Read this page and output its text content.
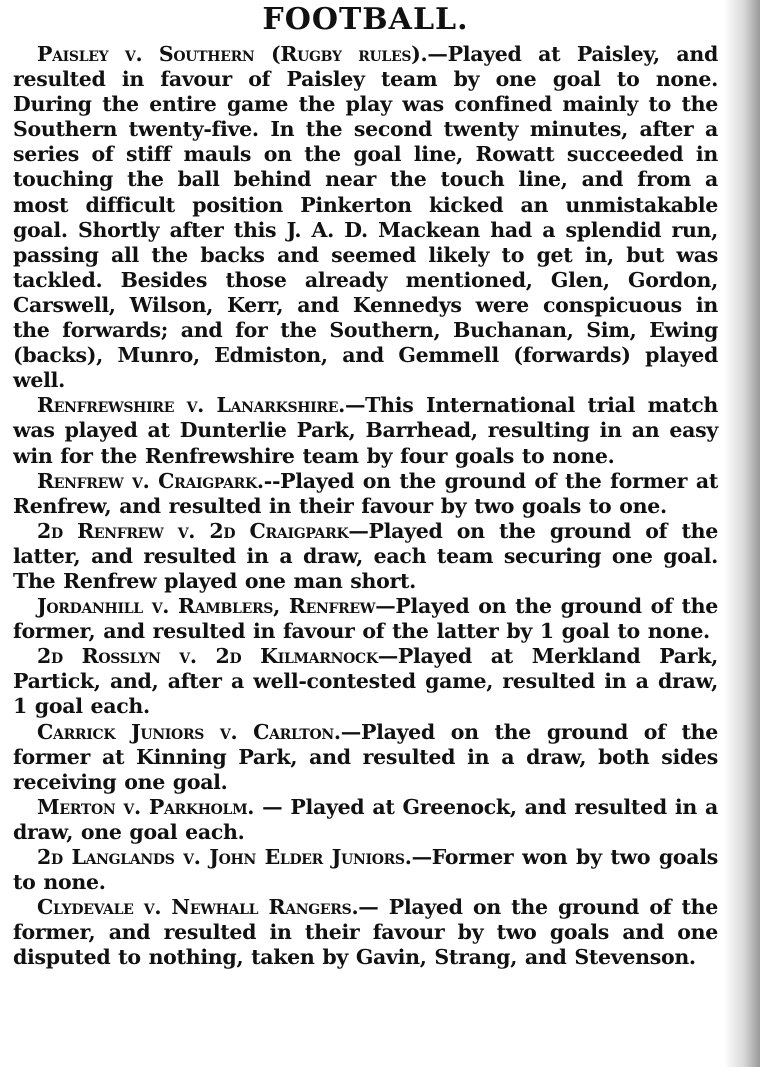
FOOTBALL.

Paisley v. Southern (Rugby rules).—Played at Paisley, and resulted in favour of Paisley team by one goal to none. During the entire game the play was confined mainly to the Southern twenty-five. In the second twenty minutes, after a series of stiff mauls on the goal line, Rowatt succeeded in touching the ball behind near the touch line, and from a most difficult position Pinkerton kicked an unmistakable goal. Shortly after this J. A. D. Mackean had a splendid run, passing all the backs and seemed likely to get in, but was tackled. Besides those already mentioned, Glen, Gordon, Carswell, Wilson, Kerr, and Kennedys were conspicuous in the forwards; and for the Southern, Buchanan, Sim, Ewing (backs), Munro, Edmiston, and Gemmell (forwards) played well.

Renfrewshire v. Lanarkshire.—This International trial match was played at Dunterlie Park, Barrhead, resulting in an easy win for the Renfrewshire team by four goals to none.

Renfrew v. Craigpark.--Played on the ground of the former at Renfrew, and resulted in their favour by two goals to one.

2d Renfrew v. 2d Craigpark—Played on the ground of the latter, and resulted in a draw, each team securing one goal. The Renfrew played one man short.

Jordanhill v. Ramblers, Renfrew—Played on the ground of the former, and resulted in favour of the latter by 1 goal to none.

2d Rosslyn v. 2d Kilmarnock—Played at Merkland Park, Partick, and, after a well-contested game, resulted in a draw, 1 goal each.

Carrick Juniors v. Carlton.—Played on the ground of the former at Kinning Park, and resulted in a draw, both sides receiving one goal.

Merton v. Parkholm. — Played at Greenock, and resulted in a draw, one goal each.

2d Langlands v. John Elder Juniors.—Former won by two goals to none.

Clydevale v. Newhall Rangers.— Played on the ground of the former, and resulted in their favour by two goals and one disputed to nothing, taken by Gavin, Strang, and Stevenson.
